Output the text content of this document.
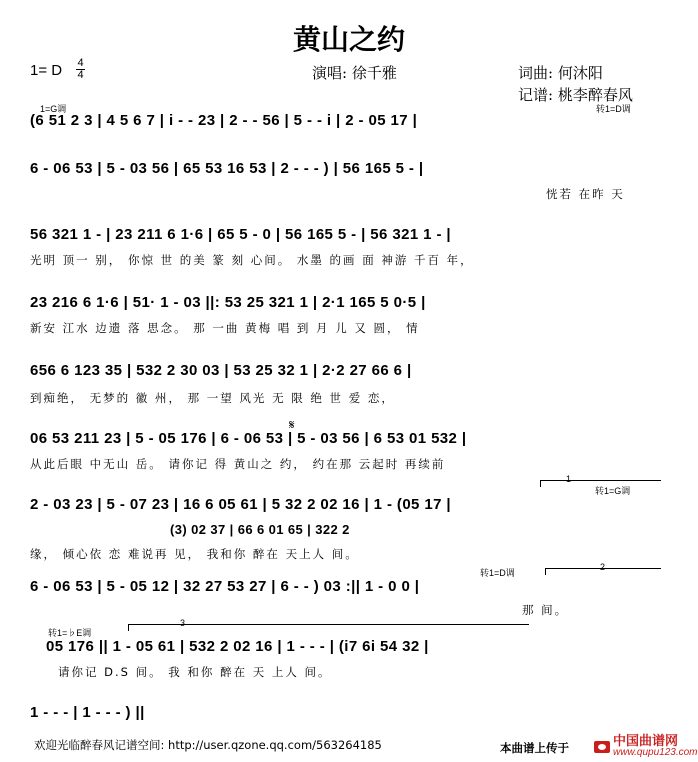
黄山之约
1= D 4
4	演唱: 徐千雅	词曲: 何沐阳
记谱: 桃李醉春风
1=G调	转1=D调
转1=G调
转1=D调
转1=♭E调
𝄋
1
2
3
(6 51 2 3 | 4 5 6 7 | i - - 23 | 2 - - 56 | 5 - - i | 2 - 05 17 |
6 - 06 53 | 5 - 03 56 | 65 53 16 53 | 2 - - - ) | 56 165 5 - |
恍若 在昨 天
56 321 1 - | 23 211 6 1·6 | 65 5 - 0 | 56 165 5 - | 56 321 1 - |
光明 顶一 别， 你惊 世 的美 篆 刻 心间。 水墨 的画 面 神游 千百 年，
23 216 6 1·6 | 51· 1 - 03 ||: 53 25 321 1 | 2·1 165 5 0·5 |
新安 江水 边遗 落 思念。 那 一曲 黄梅 唱 到 月 儿 又 圆， 情
656 6 123 35 | 532 2 30 03 | 53 25 32 1 | 2·2 27 66 6 |
到痴绝， 无梦的 徽 州， 那 一望 风光 无 限 绝 世 爱 恋，
06 53 211 23 | 5 - 05 176 | 6 - 06 53 | 5 - 03 56 | 6 53 01 532 |
从此后眼 中无山 岳。 请你记 得 黄山之 约， 约在那 云起时 再续前
2 - 03 23 | 5 - 07 23 | 16 6 05 61 | 5 32 2 02 16 | 1 - (05 17 |
(3) 02 37 | 66 6 01 65 | 322 2
缘， 倾心依 恋 难说再 见， 我和你 醉在 天上人 间。
6 - 06 53 | 5 - 05 12 | 32 27 53 27 | 6 - - ) 03 :|| 1 - 0 0 |
那 间。
05 176 || 1 - 05 61 | 532 2 02 16 | 1 - - - | (i7 6i 54 32 |
请你记 D.S 间。 我 和你 醉在 天 上人 间。
1 - - - | 1 - - - ) ||
欢迎光临醉春风记谱空间: http://user.qzone.qq.com/563264185	本曲谱上传于	中国曲谱网
www.qupu123.com
